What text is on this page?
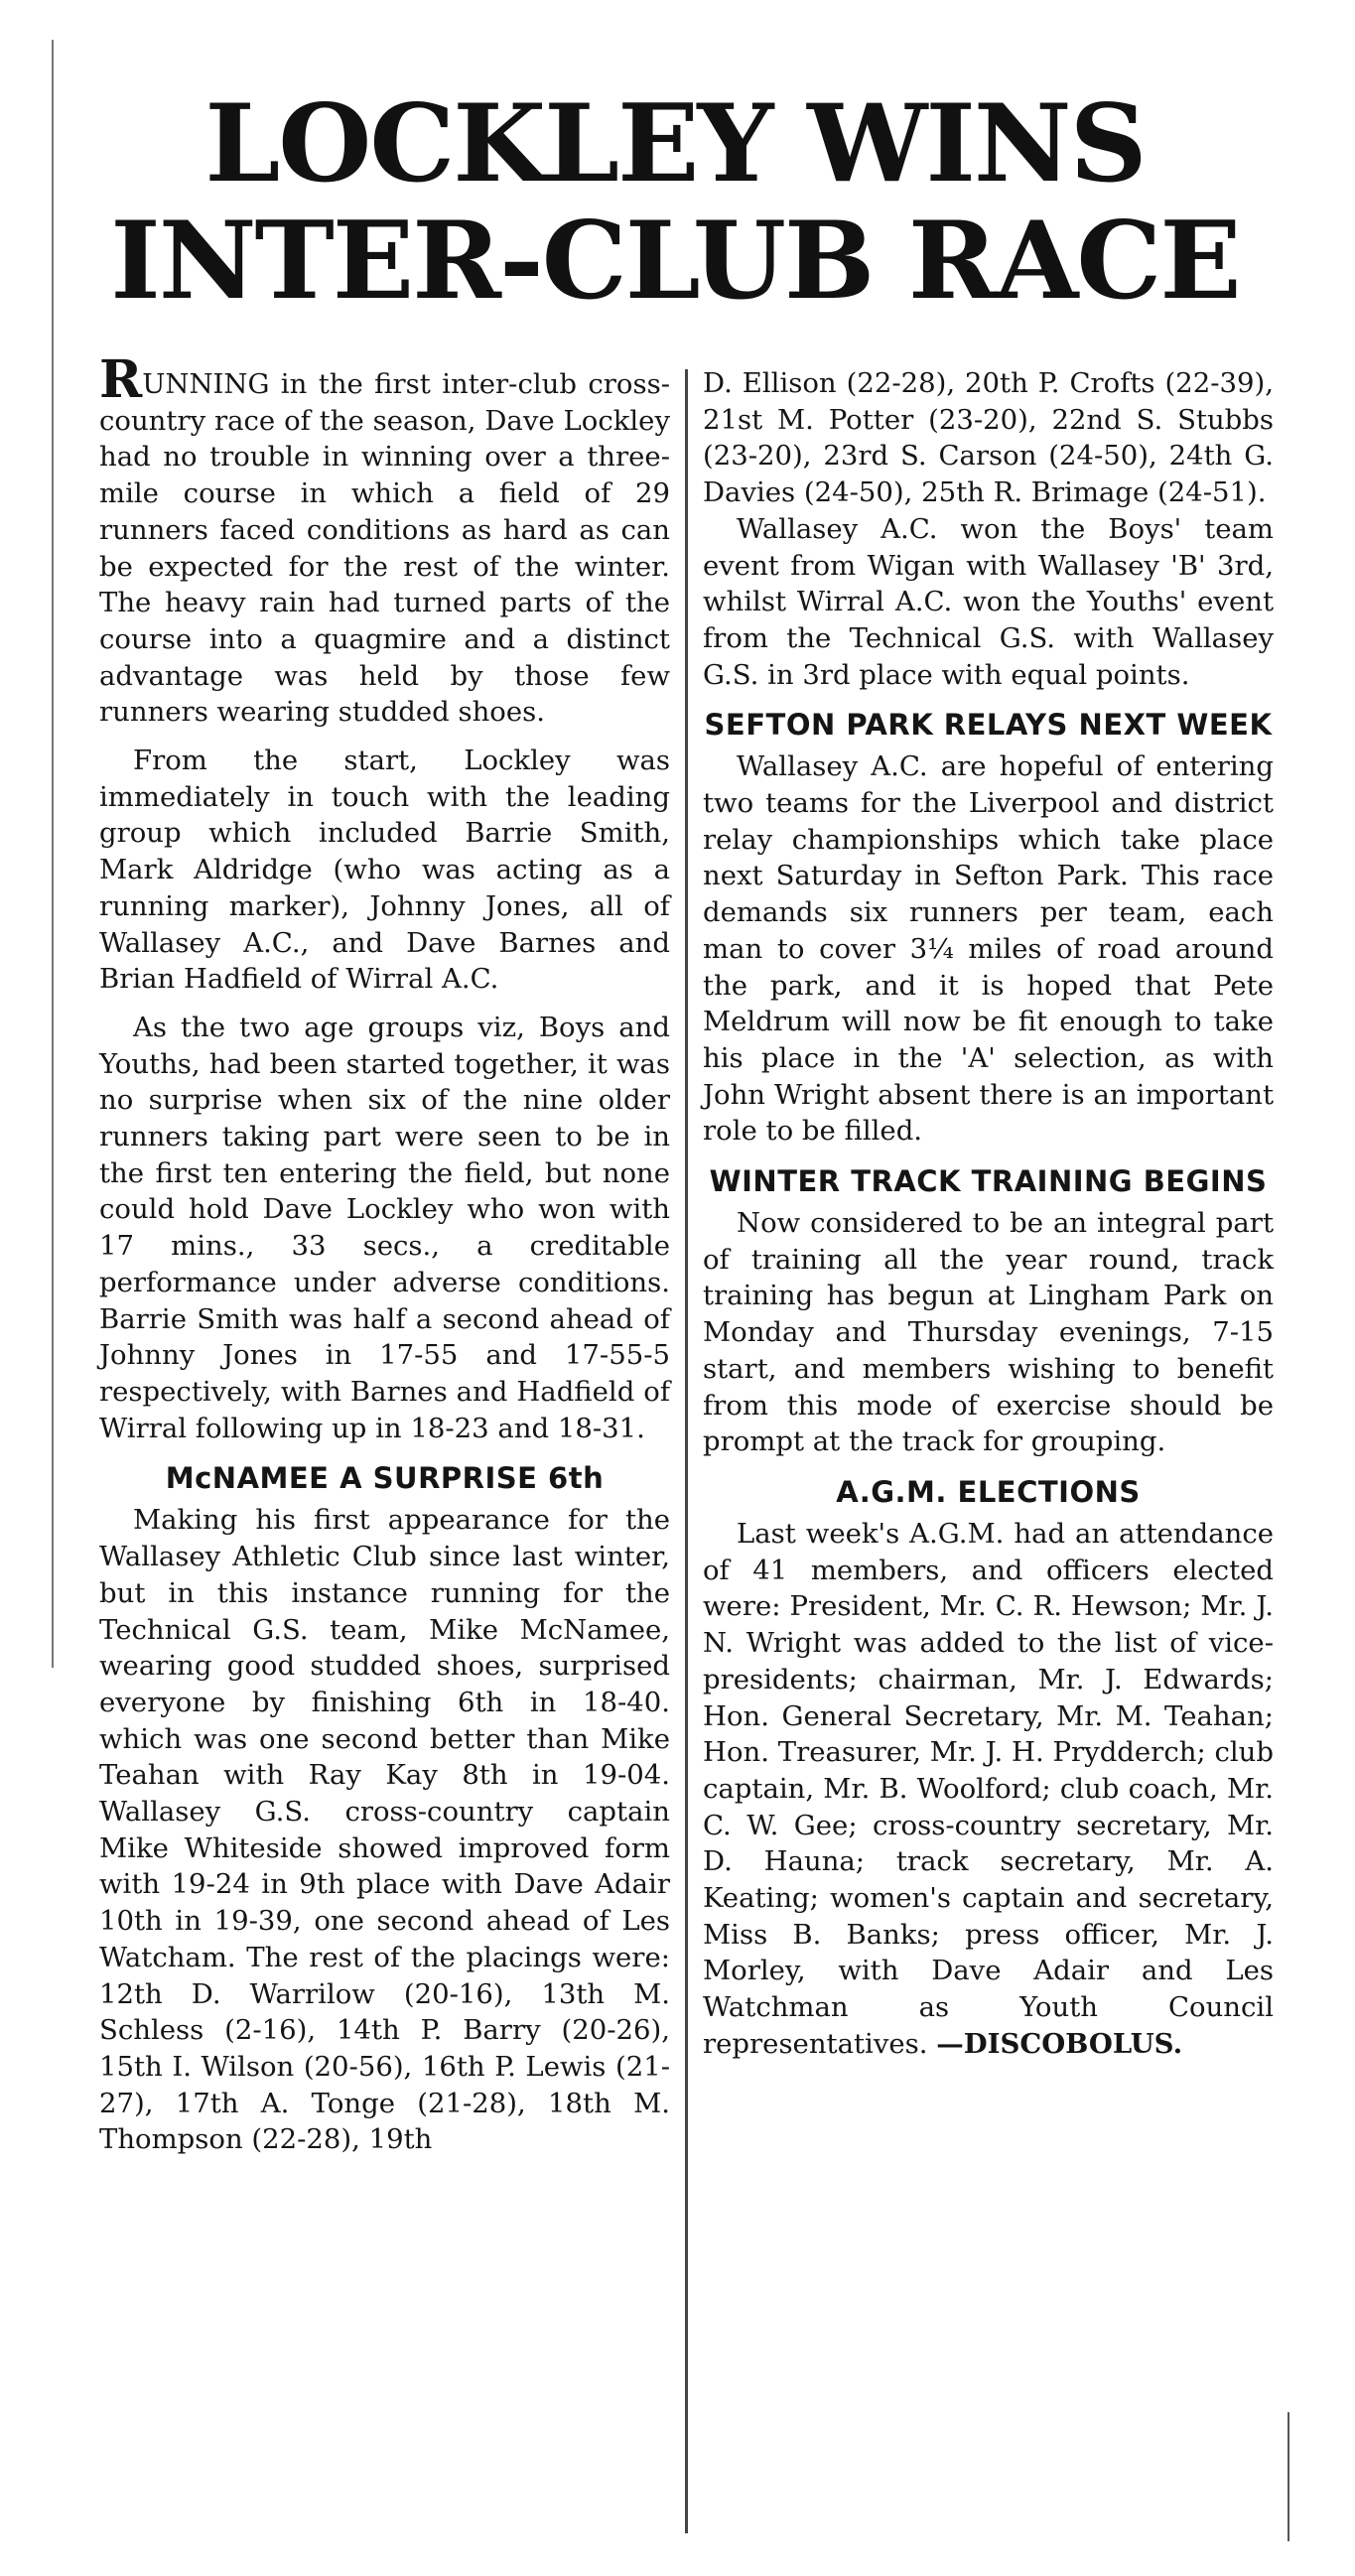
LOCKLEY WINS
INTER-CLUB RACE

RUNNING in the first inter-club cross-country race of the season, Dave Lockley had no trouble in winning over a three-mile course in which a field of 29 runners faced conditions as hard as can be expected for the rest of the winter. The heavy rain had turned parts of the course into a quagmire and a distinct advantage was held by those few runners wearing studded shoes.

From the start, Lockley was immediately in touch with the leading group which included Barrie Smith, Mark Aldridge (who was acting as a running marker), Johnny Jones, all of Wallasey A.C., and Dave Barnes and Brian Hadfield of Wirral A.C.

As the two age groups viz, Boys and Youths, had been started together, it was no surprise when six of the nine older runners taking part were seen to be in the first ten entering the field, but none could hold Dave Lockley who won with 17 mins., 33 secs., a creditable performance under adverse conditions. Barrie Smith was half a second ahead of Johnny Jones in 17-55 and 17-55-5 respectively, with Barnes and Hadfield of Wirral following up in 18-23 and 18-31.

McNAMEE A SURPRISE 6th

Making his first appearance for the Wallasey Athletic Club since last winter, but in this instance running for the Technical G.S. team, Mike McNamee, wearing good studded shoes, surprised everyone by finishing 6th in 18-40. which was one second better than Mike Teahan with Ray Kay 8th in 19-04. Wallasey G.S. cross-country captain Mike Whiteside showed improved form with 19-24 in 9th place with Dave Adair 10th in 19-39, one second ahead of Les Watcham. The rest of the placings were: 12th D. Warrilow (20-16), 13th M. Schless (2-16), 14th P. Barry (20-26), 15th I. Wilson (20-56), 16th P. Lewis (21-27), 17th A. Tonge (21-28), 18th M. Thompson (22-28), 19th

D. Ellison (22-28), 20th P. Crofts (22-39), 21st M. Potter (23-20), 22nd S. Stubbs (23-20), 23rd S. Carson (24-50), 24th G. Davies (24-50), 25th R. Brimage (24-51).

Wallasey A.C. won the Boys' team event from Wigan with Wallasey 'B' 3rd, whilst Wirral A.C. won the Youths' event from the Technical G.S. with Wallasey G.S. in 3rd place with equal points.

SEFTON PARK RELAYS NEXT WEEK

Wallasey A.C. are hopeful of entering two teams for the Liverpool and district relay championships which take place next Saturday in Sefton Park. This race demands six runners per team, each man to cover 3¼ miles of road around the park, and it is hoped that Pete Meldrum will now be fit enough to take his place in the 'A' selection, as with John Wright absent there is an important role to be filled.

WINTER TRACK TRAINING BEGINS

Now considered to be an integral part of training all the year round, track training has begun at Lingham Park on Monday and Thursday evenings, 7-15 start, and members wishing to benefit from this mode of exercise should be prompt at the track for grouping.

A.G.M. ELECTIONS

Last week's A.G.M. had an attendance of 41 members, and officers elected were: President, Mr. C. R. Hewson; Mr. J. N. Wright was added to the list of vice-presidents; chairman, Mr. J. Edwards; Hon. General Secretary, Mr. M. Teahan; Hon. Treasurer, Mr. J. H. Prydderch; club captain, Mr. B. Woolford; club coach, Mr. C. W. Gee; cross-country secretary, Mr. D. Hauna; track secretary, Mr. A. Keating; women's captain and secretary, Miss B. Banks; press officer, Mr. J. Morley, with Dave Adair and Les Watchman as Youth Council representatives. —DISCOBOLUS.
